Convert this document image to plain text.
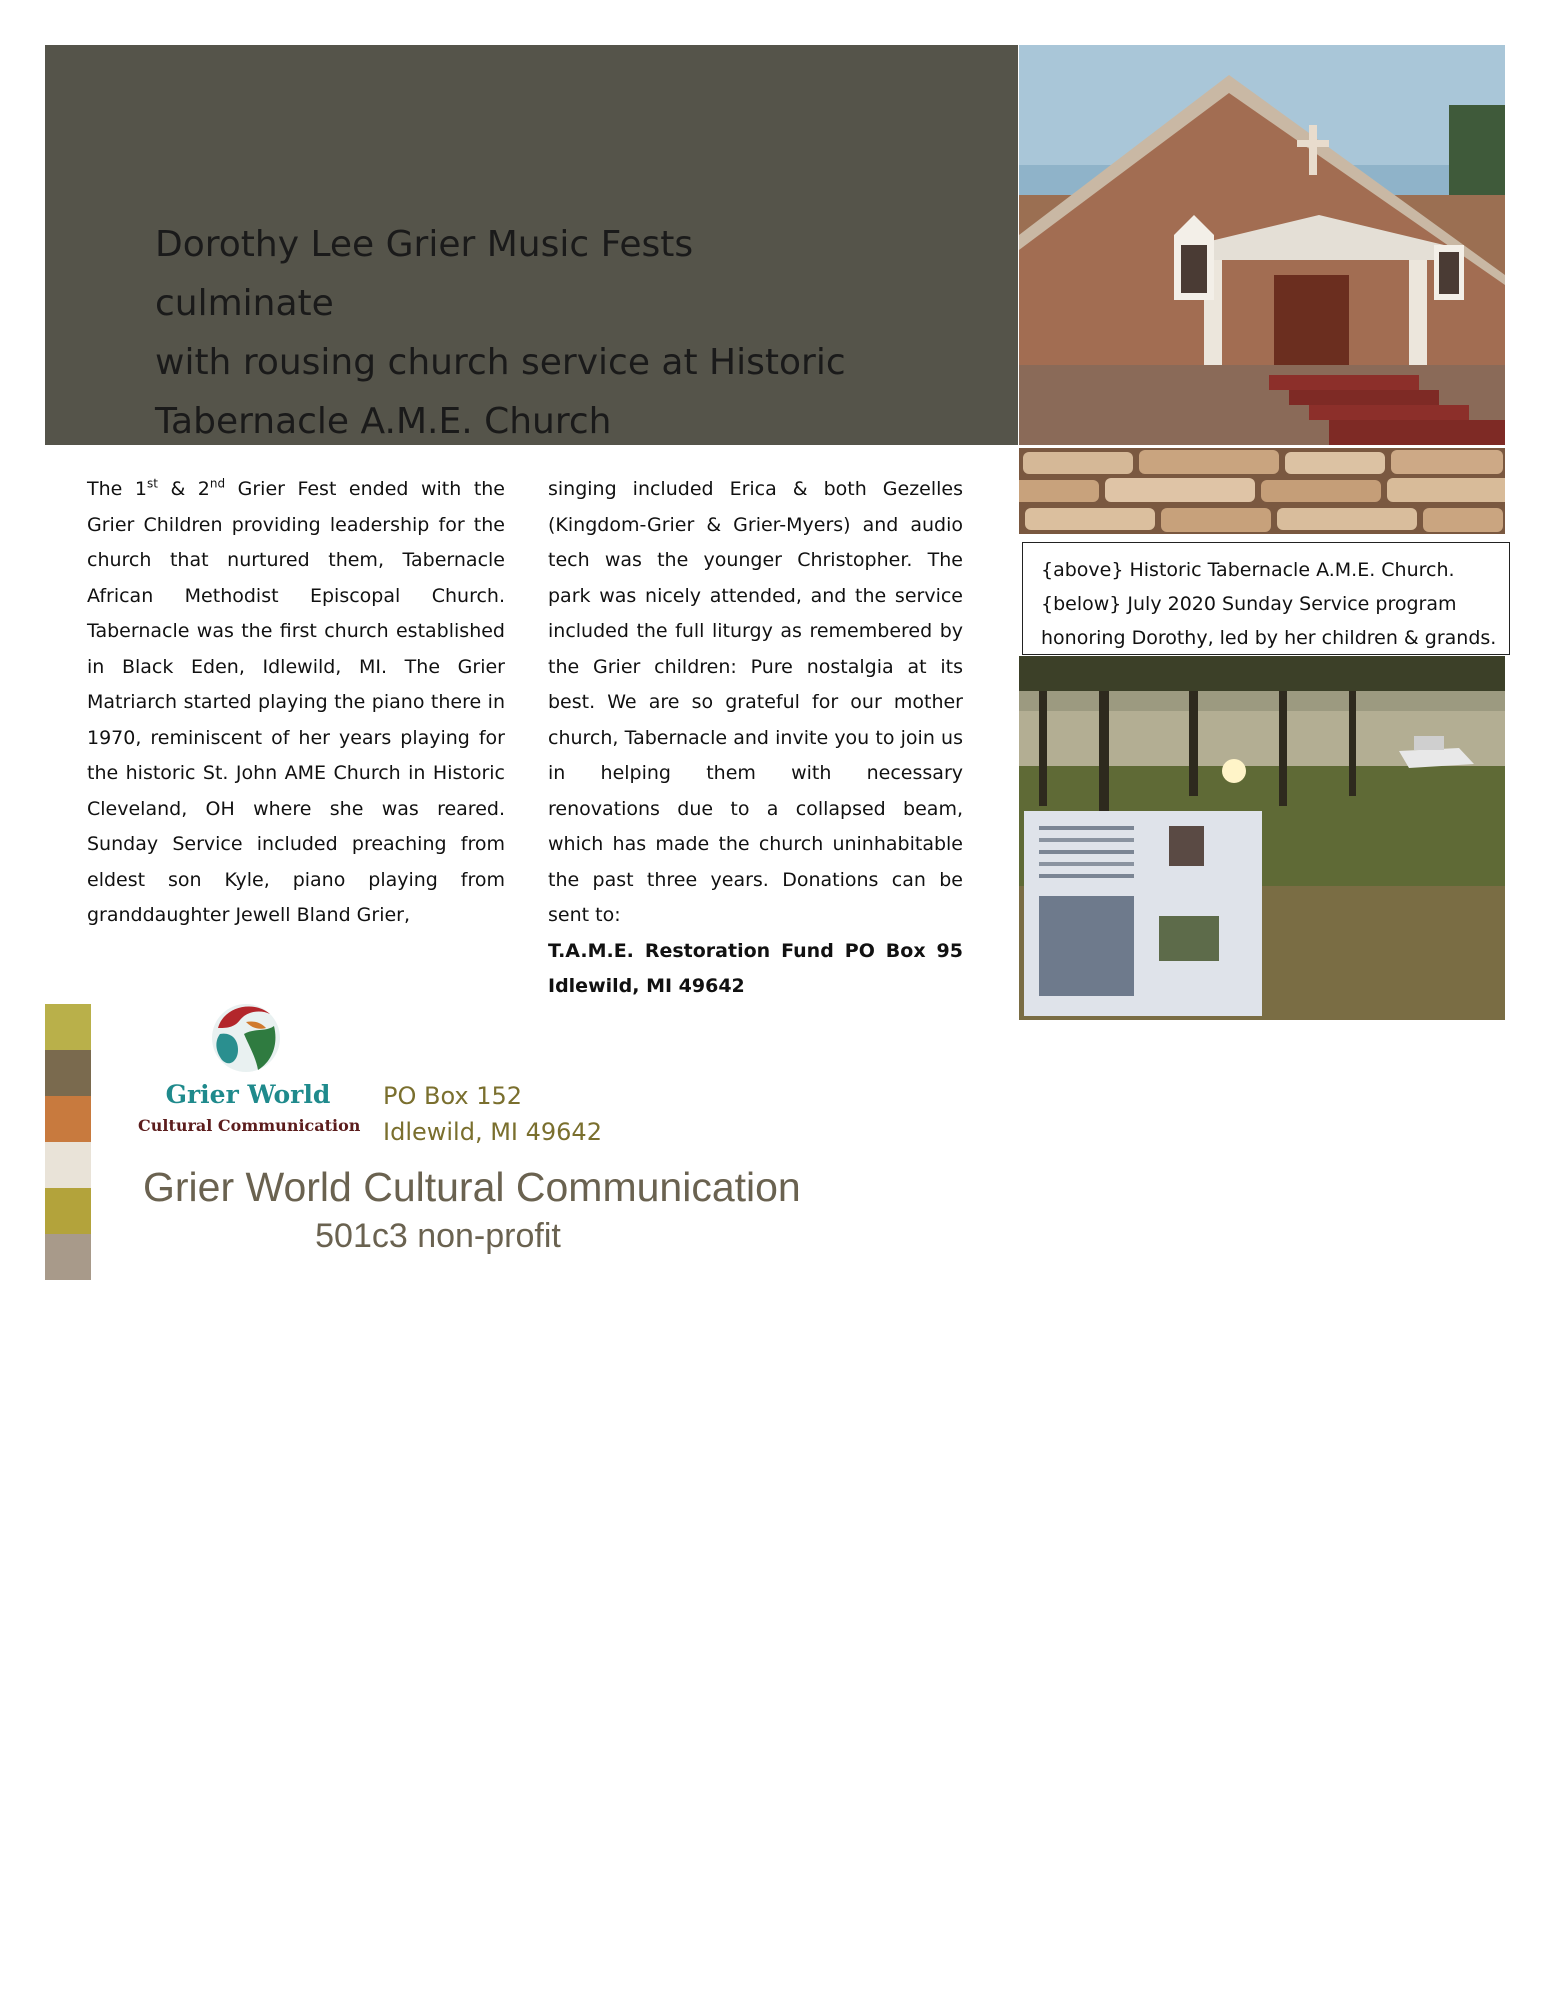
Dorothy Lee Grier Music Fests culminate
with rousing church service at Historic
Tabernacle A.M.E. Church
{above} Historic Tabernacle A.M.E. Church.
{below} July 2020 Sunday Service program
honoring Dorothy, led by her children & grands.

The 1st & 2nd Grier Fest ended with the Grier Children providing leadership for the church that nurtured them, Tabernacle African Methodist Episcopal Church. Tabernacle was the first church established in Black Eden, Idlewild, MI. The Grier Matriarch started playing the piano there in 1970, reminiscent of her years playing for the historic St. John AME Church in Historic Cleveland, OH where she was reared. Sunday Service included preaching from eldest son Kyle, piano playing from granddaughter Jewell Bland Grier,

singing included Erica & both Gezelles (Kingdom-Grier & Grier-Myers) and audio tech was the younger Christopher. The park was nicely attended, and the service included the full liturgy as remembered by the Grier children: Pure nostalgia at its best. We are so grateful for our mother church, Tabernacle and invite you to join us in helping them with necessary renovations due to a collapsed beam, which has made the church uninhabitable the past three years. Donations can be sent to:

T.A.M.E. Restoration Fund PO Box 95 Idlewild, MI 49642

Grier World
Cultural Communication
PO Box 152
Idlewild, MI 49642
Grier World Cultural Communication
501c3 non-profit
